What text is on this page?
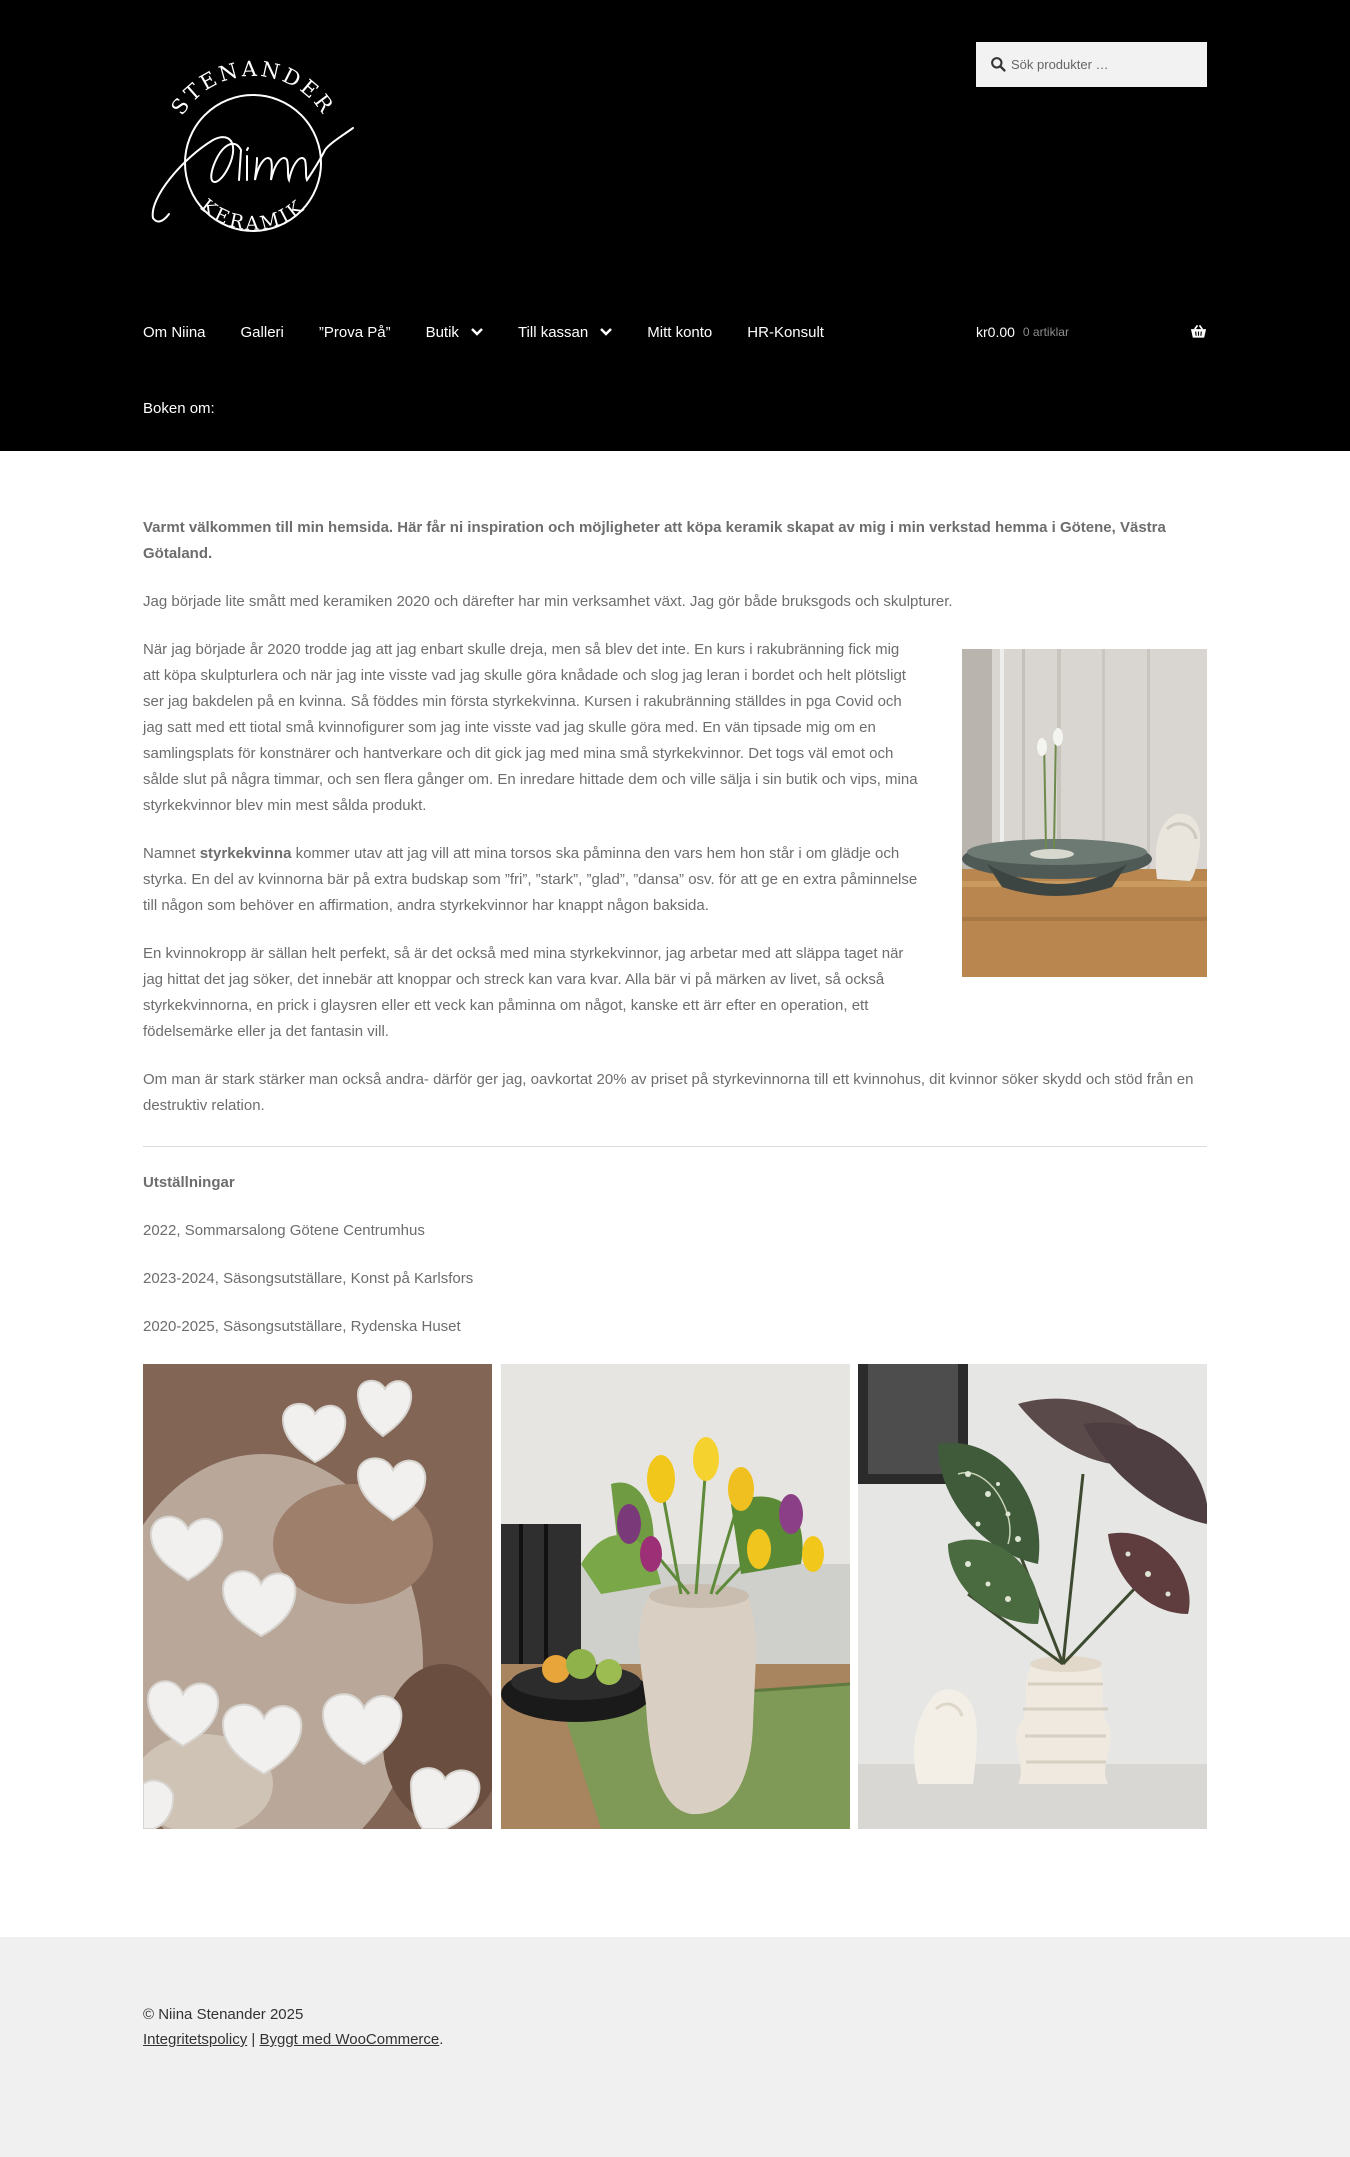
STENANDER
KERAMIK
Sök produkter …
Om Niina Galleri ”Prova På” Butik	Till kassan	Mitt konto HR-Konsult
Boken om:
kr0.00 0 artiklar

Varmt välkommen till min hemsida. Här får ni inspiration och möjligheter att köpa keramik skapat av mig i min verkstad hemma i Götene, Västra Götaland.

Jag började lite smått med keramiken 2020 och därefter har min verksamhet växt. Jag gör både bruksgods och skulpturer.

När jag började år 2020 trodde jag att jag enbart skulle dreja, men så blev det inte. En kurs i rakubränning fick mig att köpa skulpturlera och när jag inte visste vad jag skulle göra knådade och slog jag leran i bordet och helt plötsligt ser jag bakdelen på en kvinna. Så föddes min första styrkekvinna. Kursen i rakubränning ställdes in pga Covid och jag satt med ett tiotal små kvinnofigurer som jag inte visste vad jag skulle göra med. En vän tipsade mig om en samlingsplats för konstnärer och hantverkare och dit gick jag med mina små styrkekvinnor. Det togs väl emot och sålde slut på några timmar, och sen flera gånger om. En inredare hittade dem och ville sälja i sin butik och vips, mina styrkekvinnor blev min mest sålda produkt.

Namnet styrkekvinna kommer utav att jag vill att mina torsos ska påminna den vars hem hon står i om glädje och styrka. En del av kvinnorna bär på extra budskap som ”fri”, ”stark”, ”glad”, ”dansa” osv. för att ge en extra påminnelse till någon som behöver en affirmation, andra styrkekvinnor har knappt någon baksida.

En kvinnokropp är sällan helt perfekt, så är det också med mina styrkekvinnor, jag arbetar med att släppa taget när jag hittat det jag söker, det innebär att knoppar och streck kan vara kvar. Alla bär vi på märken av livet, så också styrkekvinnorna, en prick i glaysren eller ett veck kan påminna om något, kanske ett ärr efter en operation, ett födelsemärke eller ja det fantasin vill.

Om man är stark stärker man också andra- därför ger jag, oavkortat 20% av priset på styrkevinnorna till ett kvinnohus, dit kvinnor söker skydd och stöd från en destruktiv relation.

Utställningar

2022, Sommarsalong Götene Centrumhus

2023-2024, Säsongsutställare, Konst på Karlsfors

2020-2025, Säsongsutställare, Rydenska Huset

© Niina Stenander 2025
Integritetspolicy | Byggt med WooCommerce.
